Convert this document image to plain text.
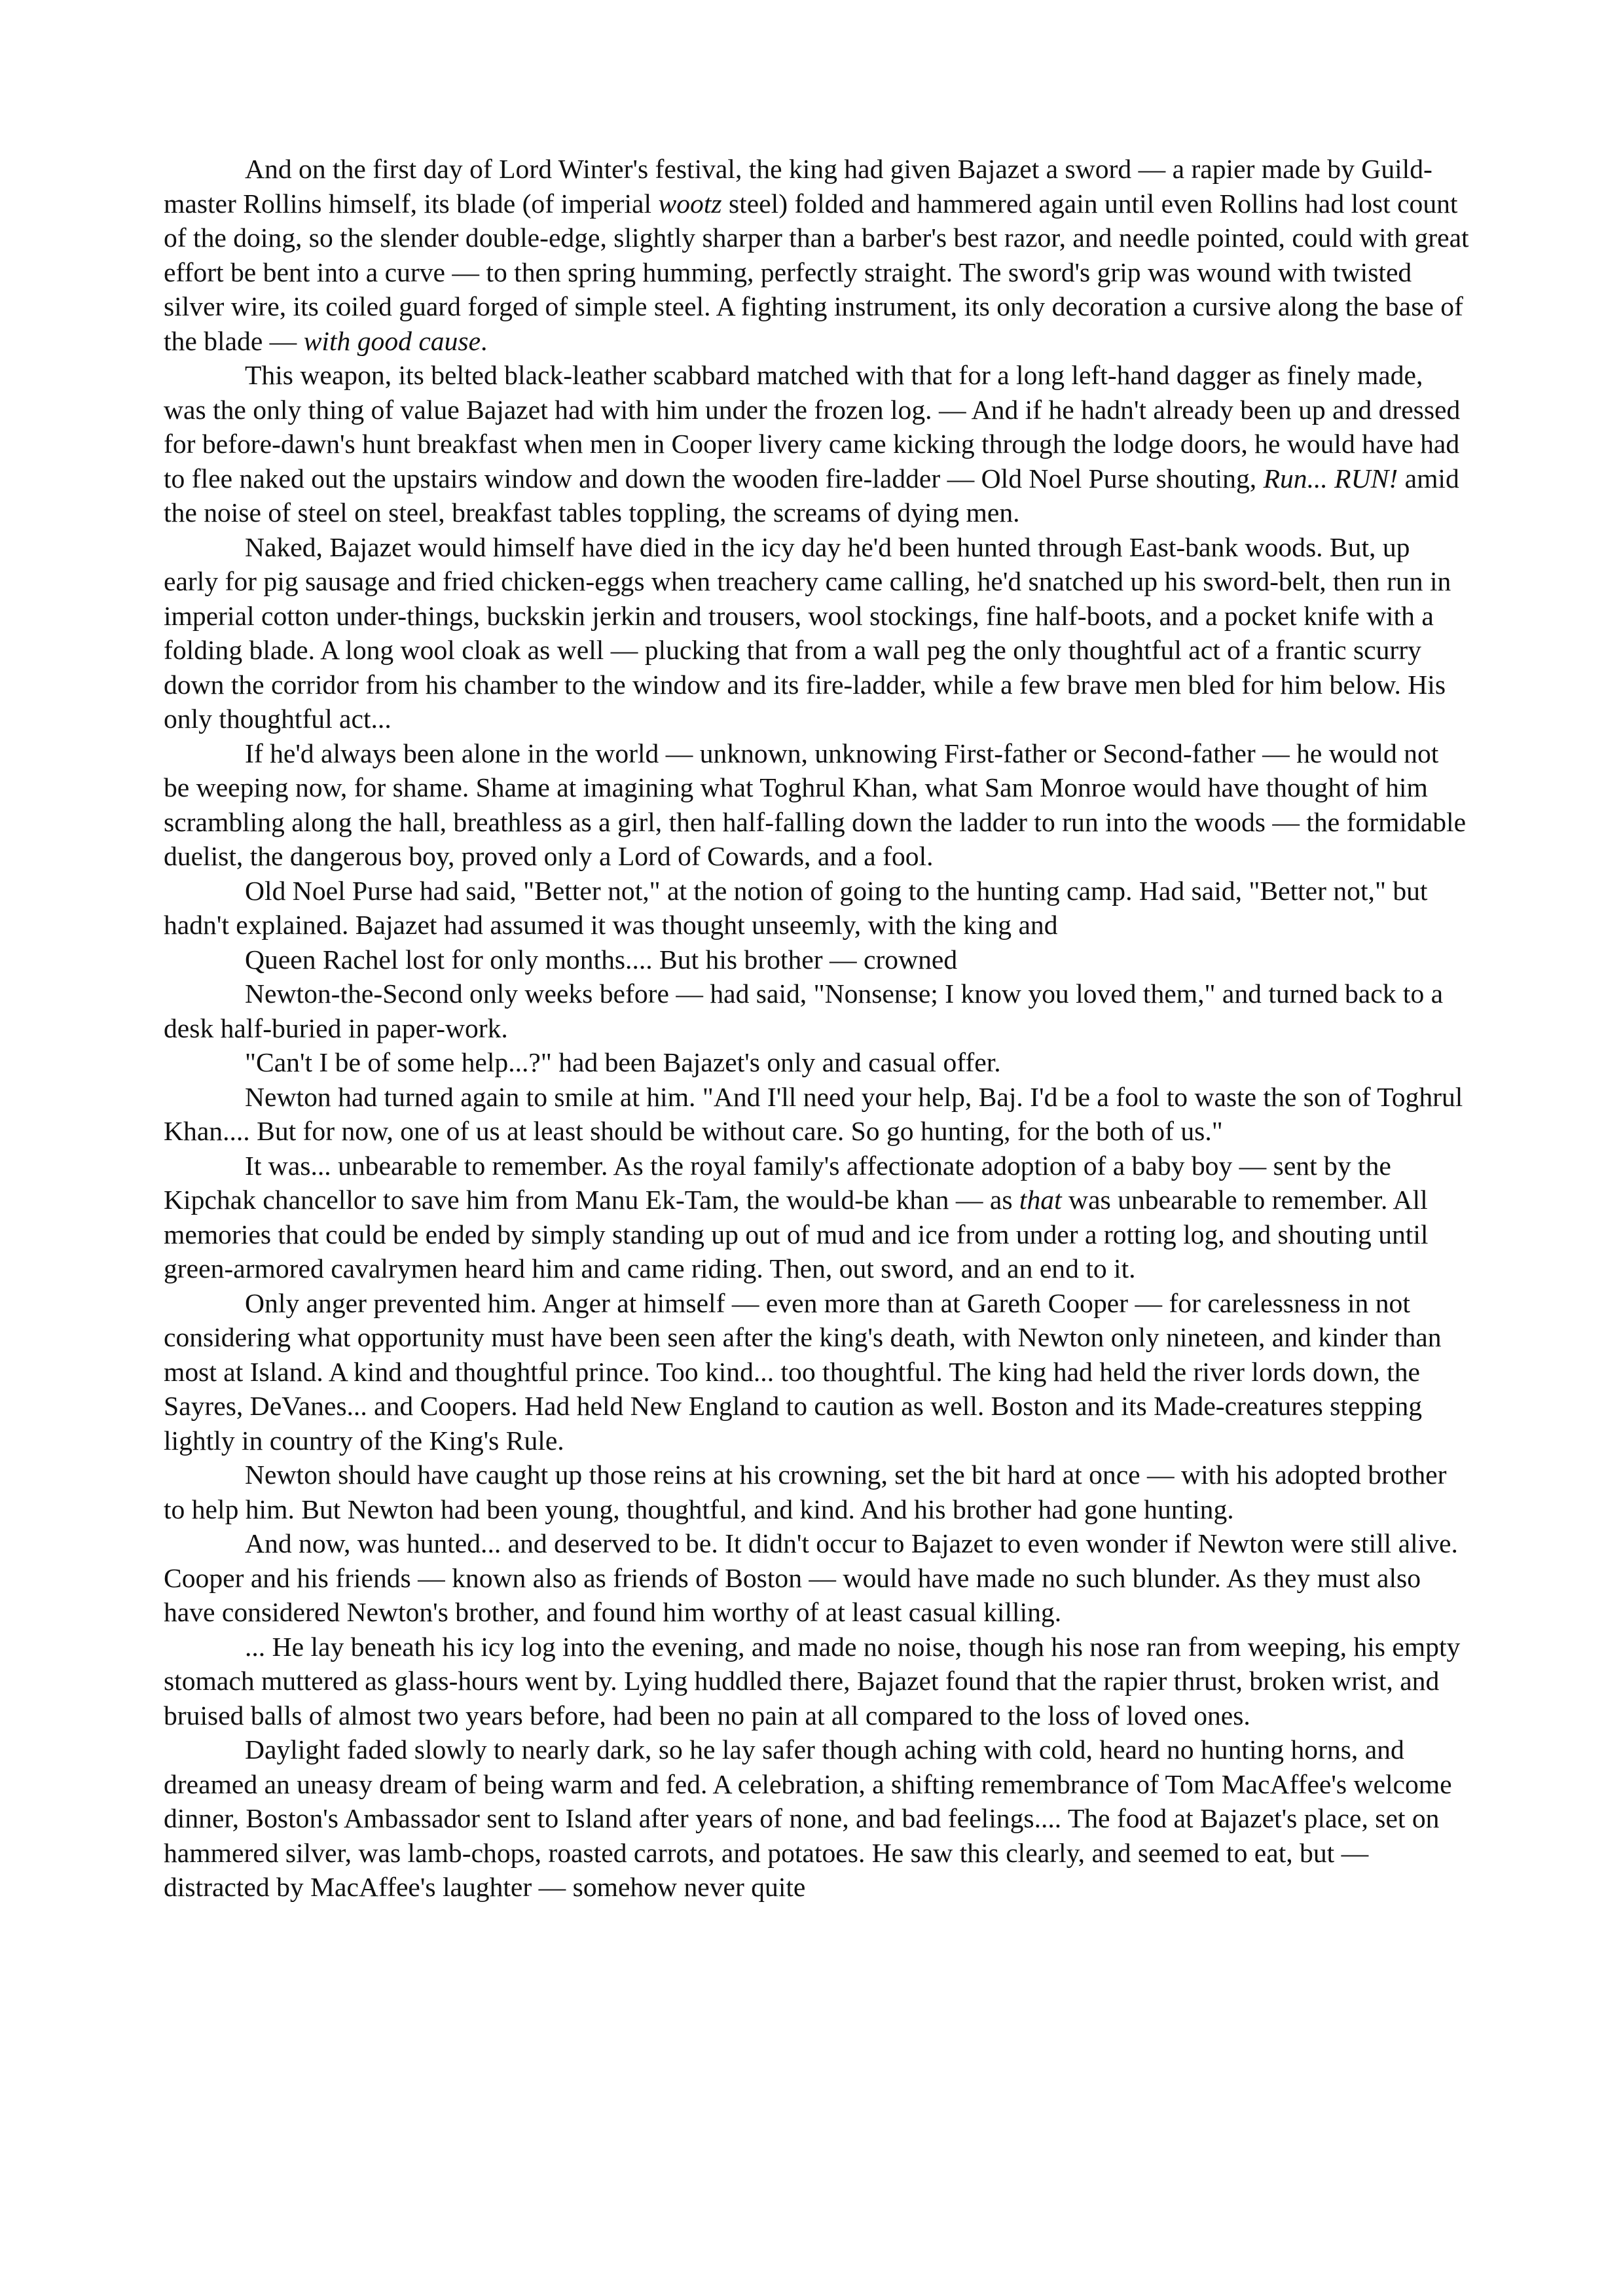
And on the first day of Lord Winter's festival, the king had given Bajazet a sword — a rapier made by Guild-master Rollins himself, its blade (of imperial wootz steel) folded and hammered again until even Rollins had lost count of the doing, so the slender double-edge, slightly sharper than a barber's best razor, and needle pointed, could with great effort be bent into a curve — to then spring humming, perfectly straight. The sword's grip was wound with twisted silver wire, its coiled guard forged of simple steel. A fighting instrument, its only decoration a cursive along the base of the blade — with good cause.

This weapon, its belted black-leather scabbard matched with that for a long left-hand dagger as finely made, was the only thing of value Bajazet had with him under the frozen log. — And if he hadn't already been up and dressed for before-dawn's hunt breakfast when men in Cooper livery came kicking through the lodge doors, he would have had to flee naked out the upstairs window and down the wooden fire-ladder — Old Noel Purse shouting, Run... RUN! amid the noise of steel on steel, breakfast tables toppling, the screams of dying men.

Naked, Bajazet would himself have died in the icy day he'd been hunted through East-bank woods. But, up early for pig sausage and fried chicken-eggs when treachery came calling, he'd snatched up his sword-belt, then run in imperial cotton under-things, buckskin jerkin and trousers, wool stockings, fine half-boots, and a pocket knife with a folding blade. A long wool cloak as well — plucking that from a wall peg the only thoughtful act of a frantic scurry down the corridor from his chamber to the window and its fire-ladder, while a few brave men bled for him below. His only thoughtful act...

If he'd always been alone in the world — unknown, unknowing First-father or Second-father — he would not be weeping now, for shame. Shame at imagining what Toghrul Khan, what Sam Monroe would have thought of him scrambling along the hall, breathless as a girl, then half-falling down the ladder to run into the woods — the formidable duelist, the dangerous boy, proved only a Lord of Cowards, and a fool.

Old Noel Purse had said, "Better not," at the notion of going to the hunting camp. Had said, "Better not," but hadn't explained. Bajazet had assumed it was thought unseemly, with the king and

Queen Rachel lost for only months.... But his brother — crowned

Newton-the-Second only weeks before — had said, "Nonsense; I know you loved them," and turned back to a desk half-buried in paper-work.

"Can't I be of some help...?" had been Bajazet's only and casual offer.

Newton had turned again to smile at him. "And I'll need your help, Baj. I'd be a fool to waste the son of Toghrul Khan.... But for now, one of us at least should be without care. So go hunting, for the both of us."

It was... unbearable to remember. As the royal family's affectionate adoption of a baby boy — sent by the Kipchak chancellor to save him from Manu Ek-Tam, the would-be khan — as that was unbearable to remember. All memories that could be ended by simply standing up out of mud and ice from under a rotting log, and shouting until green-armored cavalrymen heard him and came riding. Then, out sword, and an end to it.

Only anger prevented him. Anger at himself — even more than at Gareth Cooper — for carelessness in not considering what opportunity must have been seen after the king's death, with Newton only nineteen, and kinder than most at Island. A kind and thoughtful prince. Too kind... too thoughtful. The king had held the river lords down, the Sayres, DeVanes... and Coopers. Had held New England to caution as well. Boston and its Made-creatures stepping lightly in country of the King's Rule.

Newton should have caught up those reins at his crowning, set the bit hard at once — with his adopted brother to help him. But Newton had been young, thoughtful, and kind. And his brother had gone hunting.

And now, was hunted... and deserved to be. It didn't occur to Bajazet to even wonder if Newton were still alive. Cooper and his friends — known also as friends of Boston — would have made no such blunder. As they must also have considered Newton's brother, and found him worthy of at least casual killing.

... He lay beneath his icy log into the evening, and made no noise, though his nose ran from weeping, his empty stomach muttered as glass-hours went by. Lying huddled there, Bajazet found that the rapier thrust, broken wrist, and bruised balls of almost two years before, had been no pain at all compared to the loss of loved ones.

Daylight faded slowly to nearly dark, so he lay safer though aching with cold, heard no hunting horns, and dreamed an uneasy dream of being warm and fed. A celebration, a shifting remembrance of Tom MacAffee's welcome dinner, Boston's Ambassador sent to Island after years of none, and bad feelings.... The food at Bajazet's place, set on hammered silver, was lamb-chops, roasted carrots, and potatoes. He saw this clearly, and seemed to eat, but — distracted by MacAffee's laughter — somehow never quite
